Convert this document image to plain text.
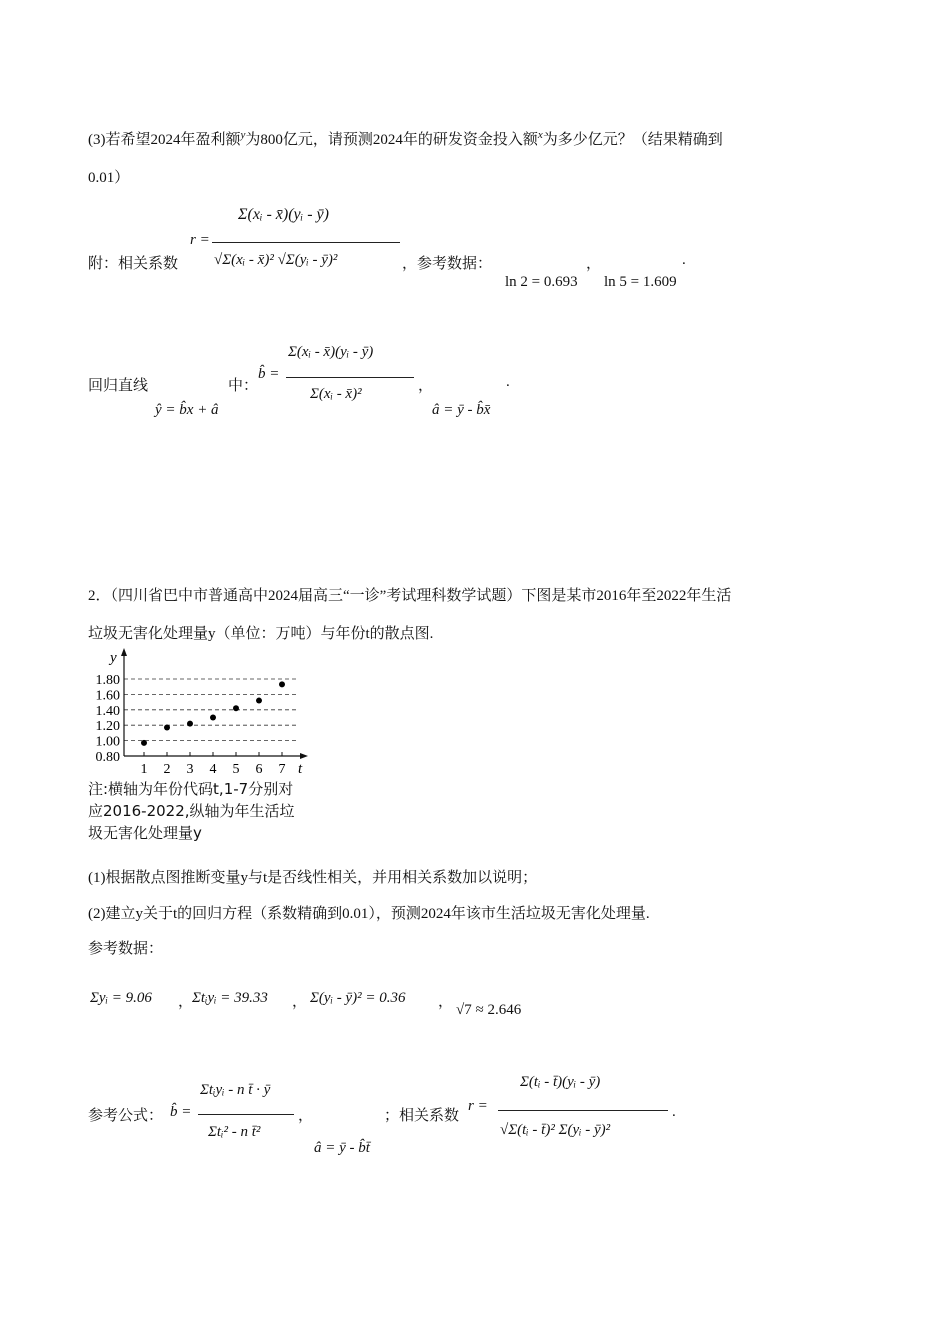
(3)若希望2024年盈利额$^y$为800亿元，请预测2024年的研发资金投入额$^x$为多少亿元？（结果精确到
0.01）
附：相关系数
r =
Σ(xᵢ - x̄)(yᵢ - ȳ)
√Σ(xᵢ - x̄)² √Σ(yᵢ - ȳ)²	，参考数据：	，	.
ln 2 = 0.693 ln 5 = 1.609
回归直线
ŷ = b̂x + â
中：
b̂ =
Σ(xᵢ - x̄)(yᵢ - ȳ)
Σ(xᵢ - x̄)²	，
â = ȳ - b̂x̄
.
2．（四川省巴中市普通高中2024届高三“一诊”考试理科数学试题）下图是某市2016年至2022年生活
垃圾无害化处理量y（单位：万吨）与年份t的散点图.
0.80
1.00
1.20
1.40
1.60
1.80
1 2 3 4 5 6 7 t
y
注:横轴为年份代码t,1-7分别对
应2016-2022,纵轴为年生活垃
圾无害化处理量y
(1)根据散点图推断变量y与t是否线性相关，并用相关系数加以说明；
(2)建立y关于t的回归方程（系数精确到0.01），预测2024年该市生活垃圾无害化处理量.
参考数据：
Σyᵢ = 9.06 ，
Σtᵢyᵢ = 39.33 ， Σ(yᵢ - ȳ)² = 0.36 ， √7 ≈ 2.646
参考公式： b̂ =
Σtᵢyᵢ - n t̄ · ȳ
Σtᵢ² - n t̄²
，
â = ȳ - b̂t̄
；相关系数
r =
Σ(tᵢ - t̄)(yᵢ - ȳ)
√Σ(tᵢ - t̄)² Σ(yᵢ - ȳ)²
.
